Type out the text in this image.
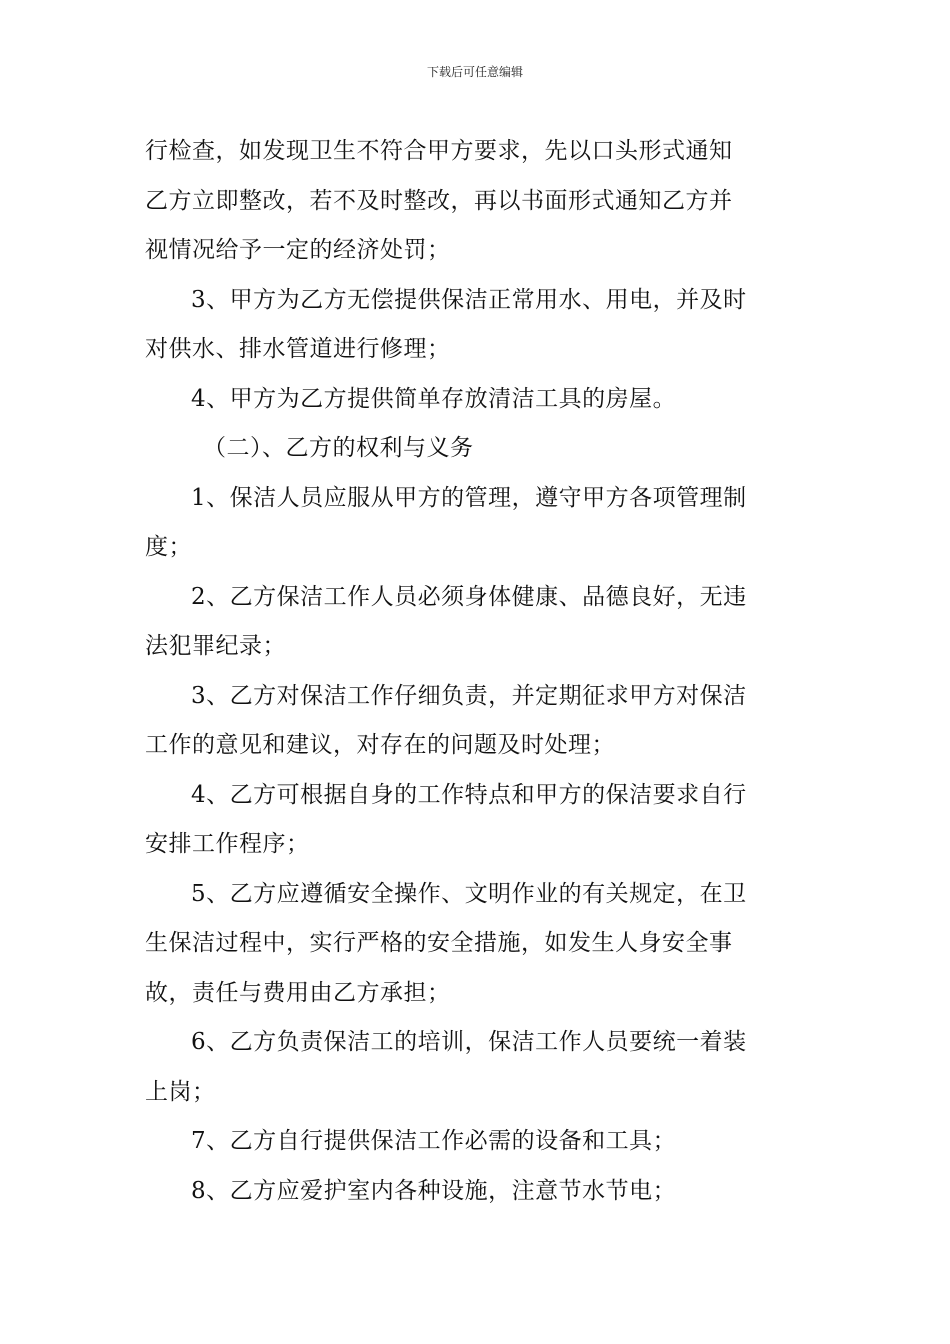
下载后可任意编辑
行检查，如发现卫生不符合甲方要求，先以口头形式通知
乙方立即整改，若不及时整改，再以书面形式通知乙方并
视情况给予一定的经济处罚；
3、甲方为乙方无偿提供保洁正常用水、用电，并及时
对供水、排水管道进行修理；
4、甲方为乙方提供简单存放清洁工具的房屋。
（二）、乙方的权利与义务
1、保洁人员应服从甲方的管理，遵守甲方各项管理制
度；
2、乙方保洁工作人员必须身体健康、品德良好，无违
法犯罪纪录；
3、乙方对保洁工作仔细负责，并定期征求甲方对保洁
工作的意见和建议，对存在的问题及时处理；
4、乙方可根据自身的工作特点和甲方的保洁要求自行
安排工作程序；
5、乙方应遵循安全操作、文明作业的有关规定，在卫
生保洁过程中，实行严格的安全措施，如发生人身安全事
故，责任与费用由乙方承担；
6、乙方负责保洁工的培训，保洁工作人员要统一着装
上岗；
7、乙方自行提供保洁工作必需的设备和工具；
8、乙方应爱护室内各种设施，注意节水节电；
